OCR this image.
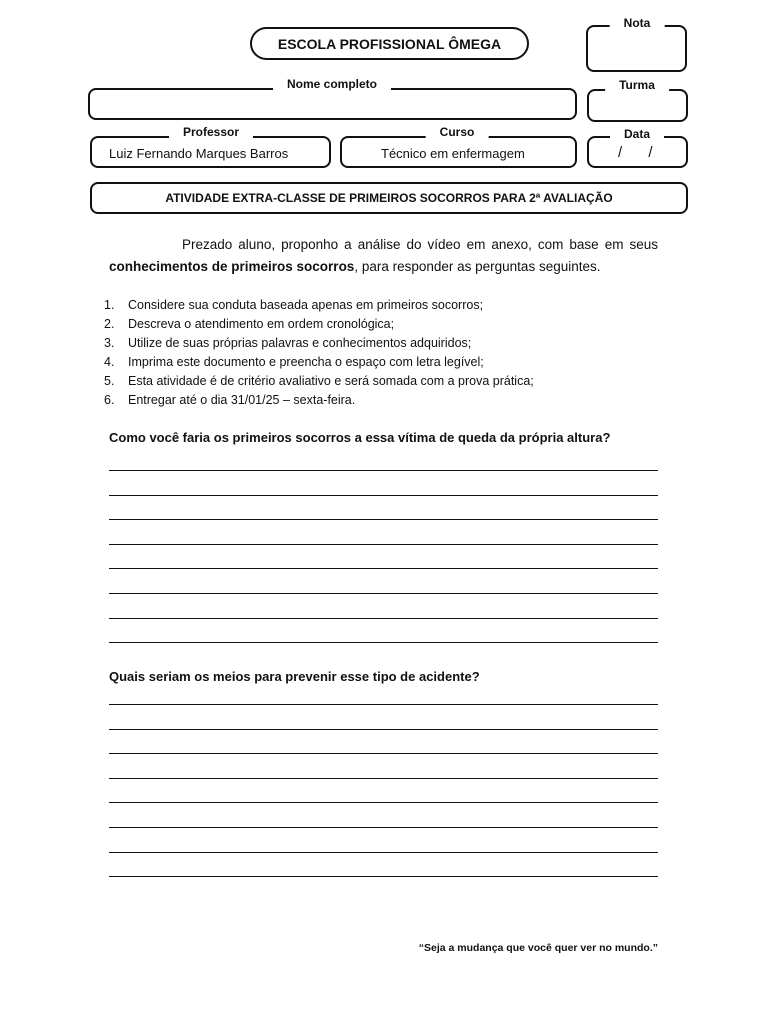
ESCOLA PROFISSIONAL ÔMEGA
Nota
Nome completo	Turma
Professor
Luiz Fernando Marques Barros
Curso
Técnico em enfermagem
Data
/ /
ATIVIDADE EXTRA-CLASSE DE PRIMEIROS SOCORROS PARA 2ª AVALIAÇÃO
Prezado aluno, proponho a análise do vídeo em anexo, com base em seus conhecimentos de primeiros socorros, para responder as perguntas seguintes.
1. Considere sua conduta baseada apenas em primeiros socorros;
2. Descreva o atendimento em ordem cronológica;
3. Utilize de suas próprias palavras e conhecimentos adquiridos;
4. Imprima este documento e preencha o espaço com letra legível;
5. Esta atividade é de critério avaliativo e será somada com a prova prática;
6. Entregar até o dia 31/01/25 – sexta-feira.
Como você faria os primeiros socorros a essa vítima de queda da própria altura?
Quais seriam os meios para prevenir esse tipo de acidente?
“Seja a mudança que você quer ver no mundo.”
